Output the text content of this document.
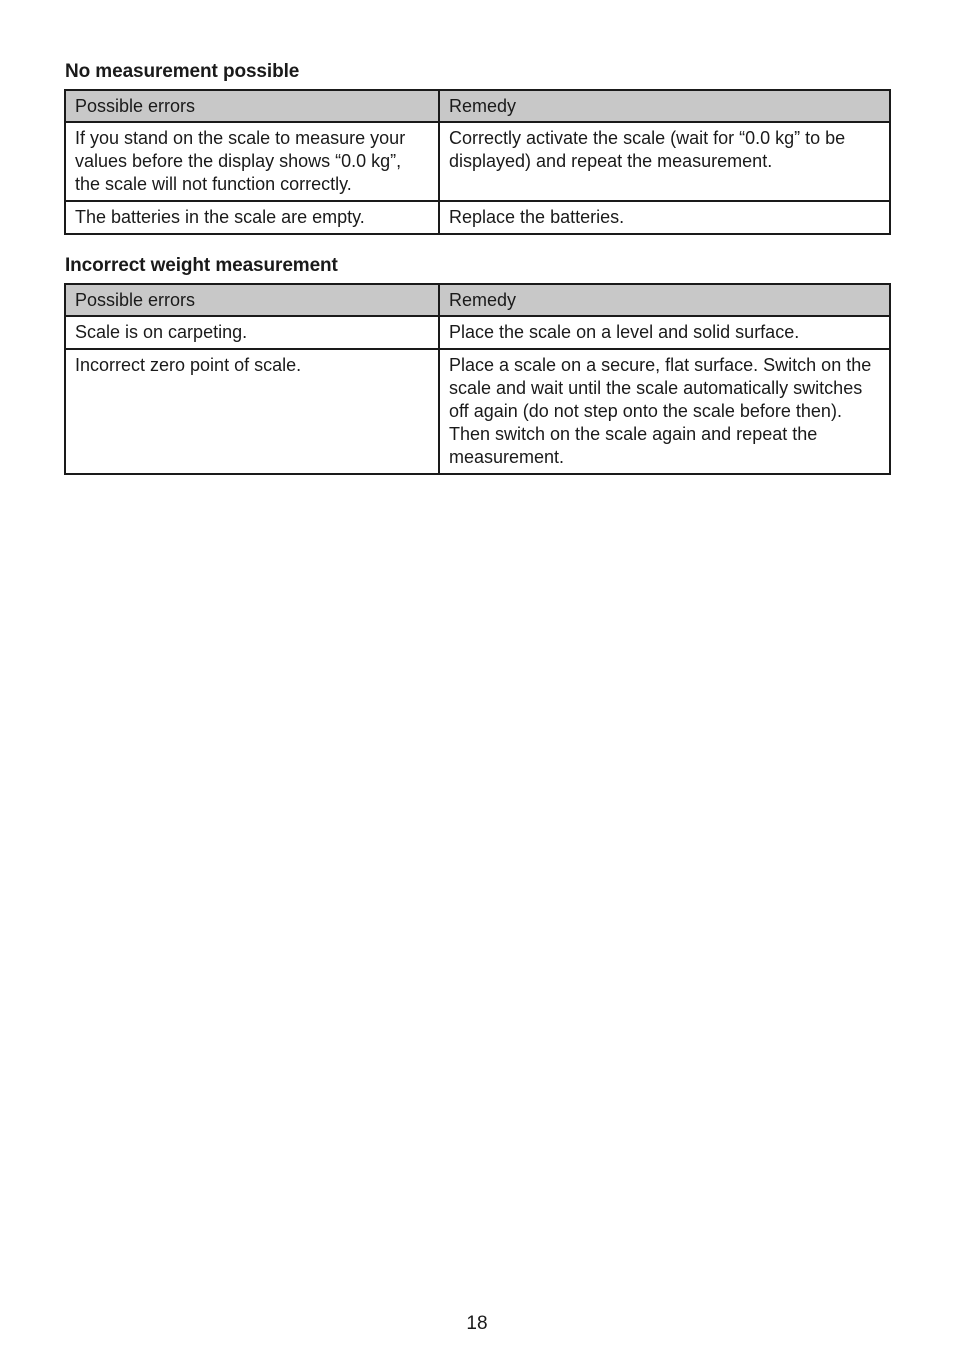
No measurement possible
Possible errors	Remedy
If you stand on the scale to measure your values before the display shows “0.0 kg”, the scale will not function correctly.	Correctly activate the scale (wait for “0.0 kg” to be displayed) and repeat the measurement.
The batteries in the scale are empty.	Replace the batteries.
Incorrect weight measurement
Possible errors	Remedy
Scale is on carpeting.	Place the scale on a level and solid surface.
Incorrect zero point of scale.	Place a scale on a secure, flat surface. Switch on the scale and wait until the scale automatically switches off again (do not step onto the scale before then). Then switch on the scale again and repeat the measurement.
18
